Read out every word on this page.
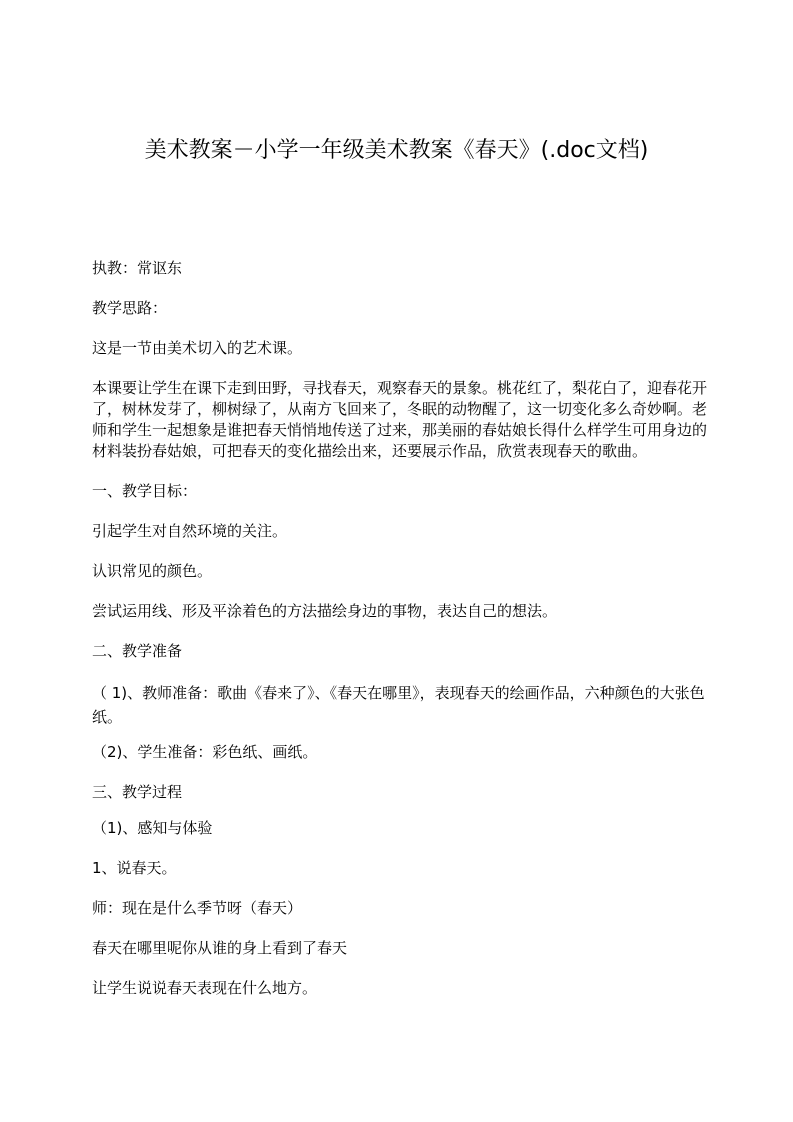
美术教案－小学一年级美术教案《春天》(.doc文档)

执教：常讴东

教学思路：

这是一节由美术切入的艺术课。

本课要让学生在课下走到田野，寻找春天，观察春天的景象。桃花红了，梨花白了，迎春花开了，树林发芽了，柳树绿了，从南方飞回来了，冬眠的动物醒了，这一切变化多么奇妙啊。老师和学生一起想象是谁把春天悄悄地传送了过来，那美丽的春姑娘长得什么样学生可用身边的材料装扮春姑娘，可把春天的变化描绘出来，还要展示作品，欣赏表现春天的歌曲。

一、教学目标：

引起学生对自然环境的关注。

认识常见的颜色。

尝试运用线、形及平涂着色的方法描绘身边的事物，表达自己的想法。

二、教学准备

（ 1)、教师准备：歌曲《春来了》、《春天在哪里》，表现春天的绘画作品，六种颜色的大张色纸。

（2)、学生准备：彩色纸、画纸。

三、教学过程

（1)、感知与体验

1、说春天。

师：现在是什么季节呀（春天）

春天在哪里呢你从谁的身上看到了春天

让学生说说春天表现在什么地方。
